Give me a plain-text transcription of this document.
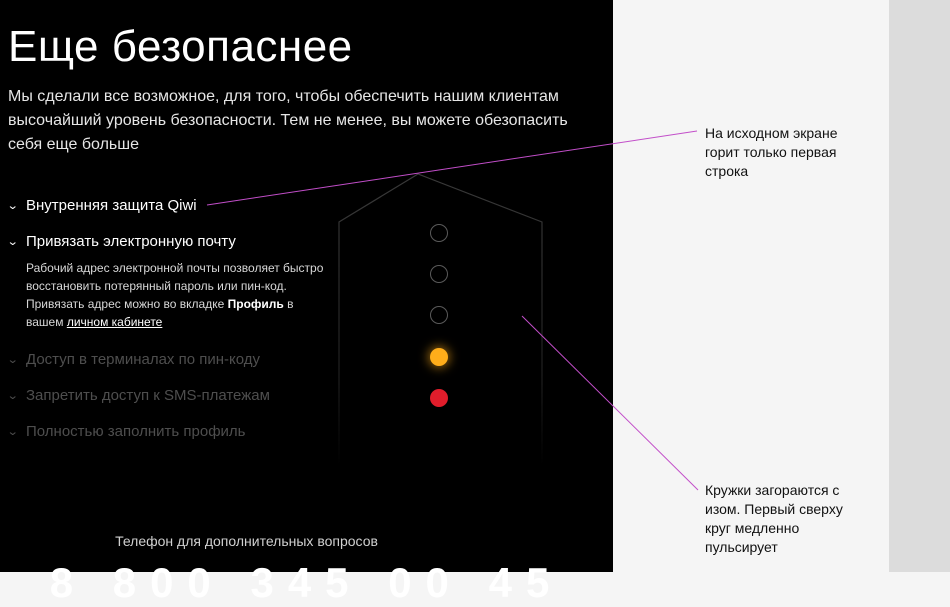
Еще безопаснее

Мы сделали все возможное, для того, чтобы обеспечить нашим клиентам высочайший уровень безопасности. Тем не менее, вы можете обезопасить себя еще больше

⌄ Внутренняя защита Qiwi
⌄ Привязать электронную почту
Рабочий адрес электронной почты позволяет быстро восстановить потерянный пароль или пин-код. Привязать адрес можно во вкладке Профиль в вашем личном кабинете
⌄ Доступ в терминалах по пин-коду
⌄ Запретить доступ к SMS-платежам
⌄ Полностью заполнить профиль
Телефон для дополнительных вопросов
8 800 345 00 45
На исходном экране горит только первая строка
Кружки загораются с изом. Первый сверху круг медленно пульсирует
